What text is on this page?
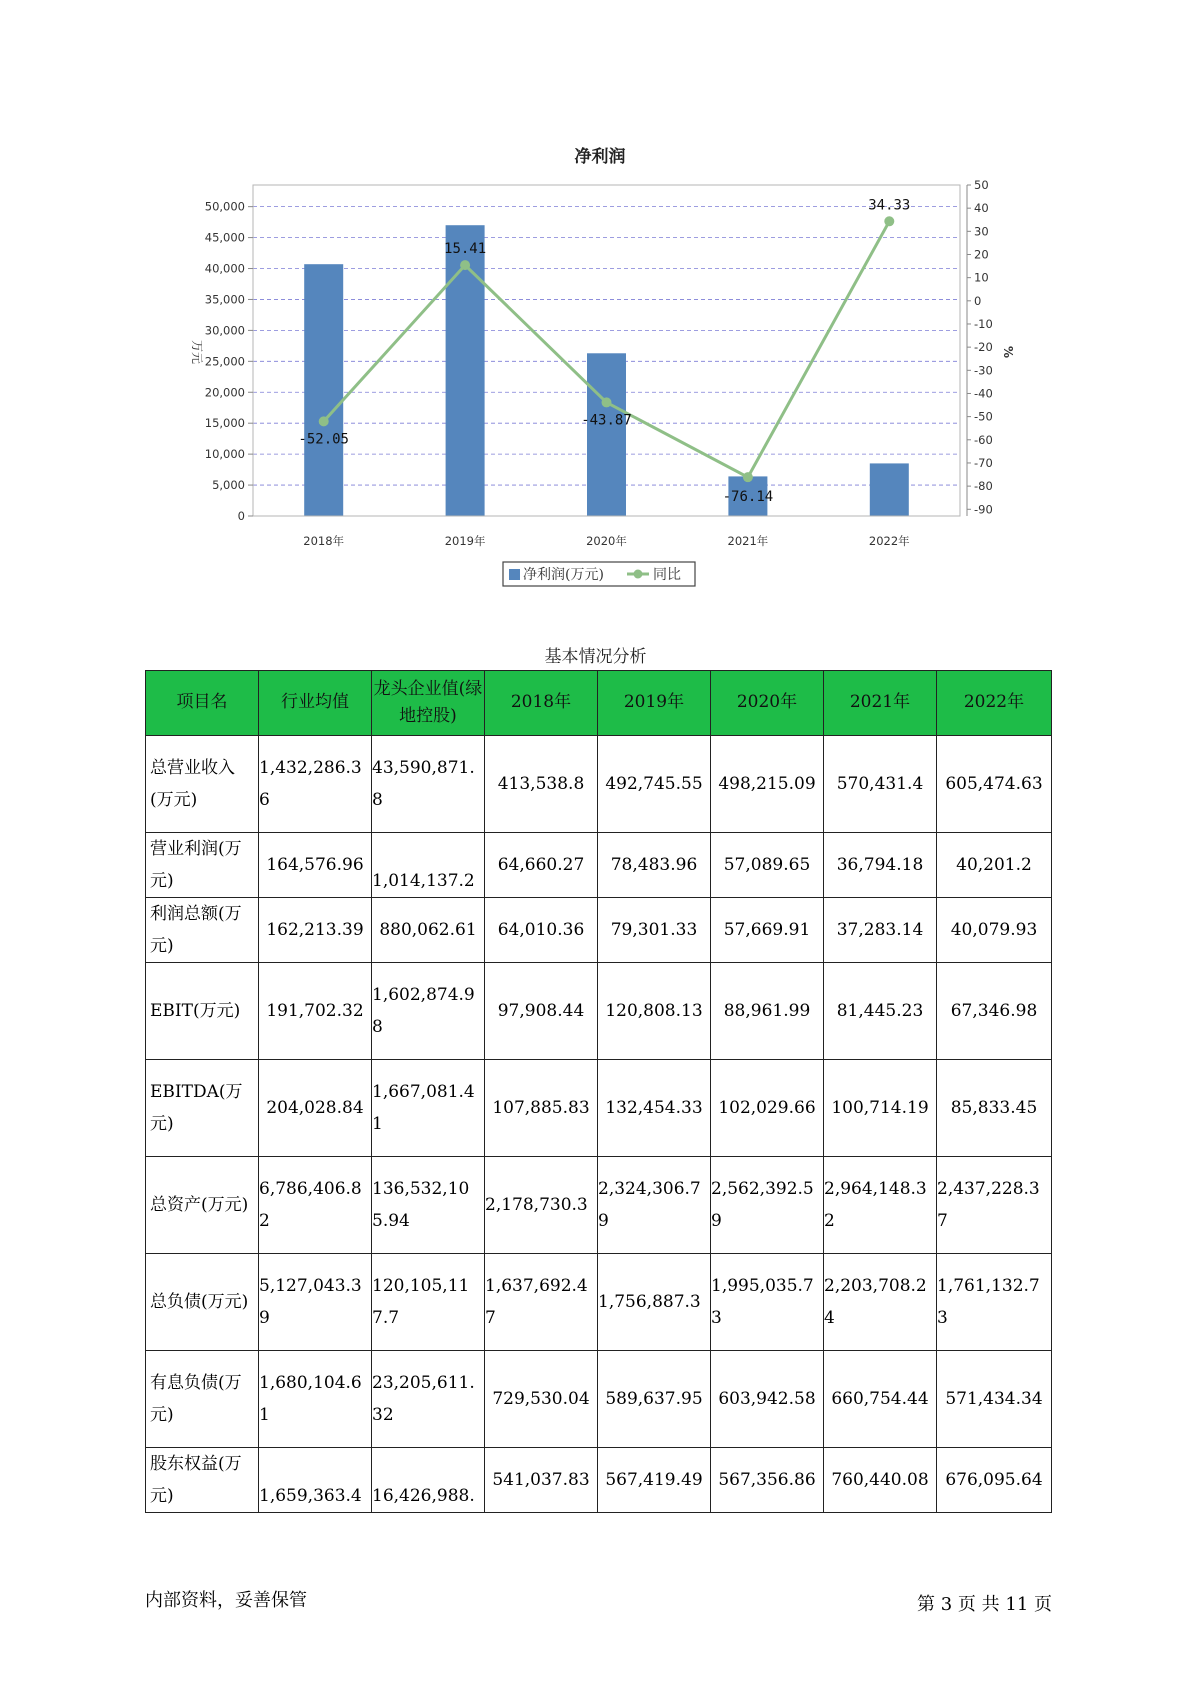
净利润
0
5,000
10,000
15,000
20,000
25,000
30,000
35,000
40,000
45,000
50,000
-90
-80
-70
-60
-50
-40
-30
-20
-10
0
10
20
30
40
50
万元	%
2018年	2019年	2020年	2021年	2022年
-52.05
15.41
-43.87
-76.14
34.33
净利润(万元)	同比
基本情况分析
项目名	行业均值	龙头企业值(绿地控股)	2018年	2019年	2020年	2021年	2022年
总营业收入(万元)	1,432,286.36	43,590,871.8	413,538.8	492,745.55	498,215.09	570,431.4	605,474.63
营业利润(万元)	164,576.96	1,014,137.2	64,660.27	78,483.96	57,089.65	36,794.18	40,201.2
利润总额(万元)	162,213.39	880,062.61	64,010.36	79,301.33	57,669.91	37,283.14	40,079.93
EBIT(万元)	191,702.32	1,602,874.98	97,908.44	120,808.13	88,961.99	81,445.23	67,346.98
EBITDA(万元)	204,028.84	1,667,081.41	107,885.83	132,454.33	102,029.66	100,714.19	85,833.45
总资产(万元)	6,786,406.82	136,532,105.94	2,178,730.3	2,324,306.79	2,562,392.59	2,964,148.32	2,437,228.37
总负债(万元)	5,127,043.39	120,105,117.7	1,637,692.47	1,756,887.3	1,995,035.73	2,203,708.24	1,761,132.73
有息负债(万元)	1,680,104.61	23,205,611.32	729,530.04	589,637.95	603,942.58	660,754.44	571,434.34
股东权益(万元)	1,659,363.4	16,426,988.	541,037.83	567,419.49	567,356.86	760,440.08	676,095.64
内部资料，妥善保管	第 3 页 共 11 页
